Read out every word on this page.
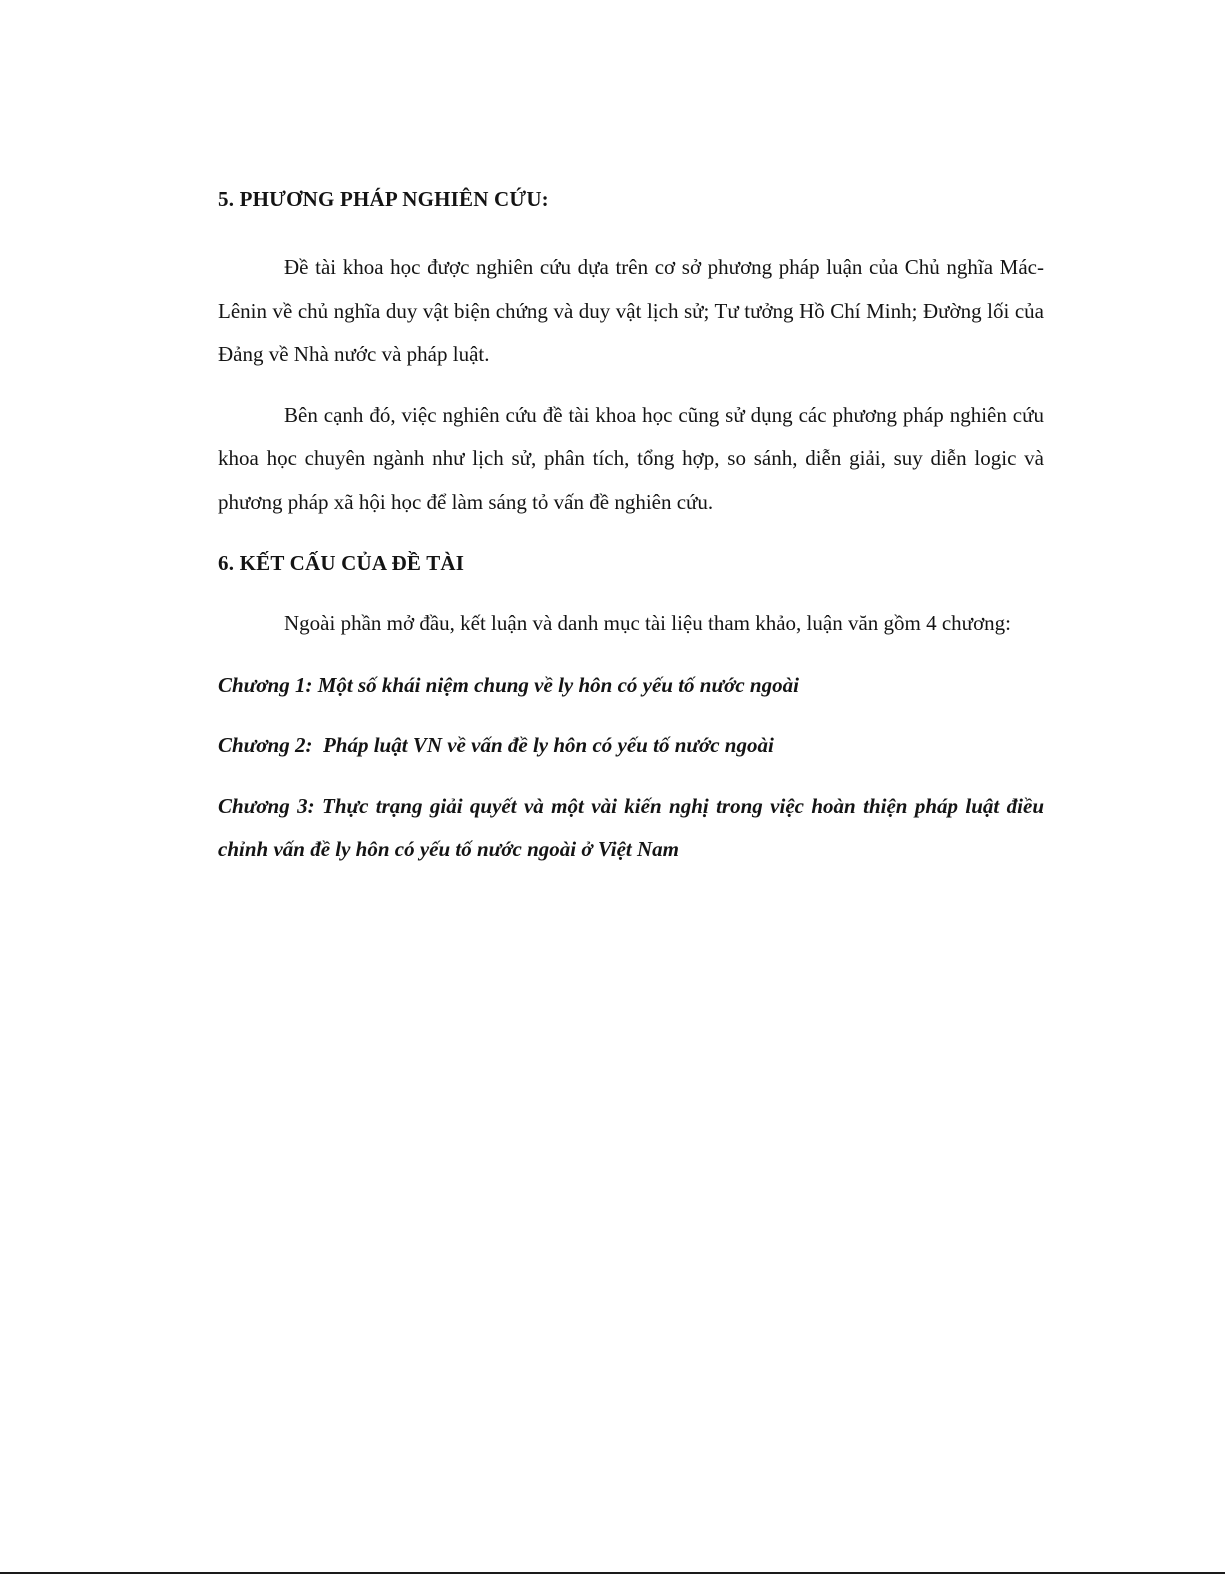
5. PHƯƠNG PHÁP NGHIÊN CỨU:

Đề tài khoa học được nghiên cứu dựa trên cơ sở phương pháp luận của Chủ nghĩa Mác-Lênin về chủ nghĩa duy vật biện chứng và duy vật lịch sử; Tư tưởng Hồ Chí Minh; Đường lối của Đảng về Nhà nước và pháp luật.

Bên cạnh đó, việc nghiên cứu đề tài khoa học cũng sử dụng các phương pháp nghiên cứu khoa học chuyên ngành như lịch sử, phân tích, tổng hợp, so sánh, diễn giải, suy diễn logic và phương pháp xã hội học để làm sáng tỏ vấn đề nghiên cứu.

6. KẾT CẤU CỦA ĐỀ TÀI

Ngoài phần mở đầu, kết luận và danh mục tài liệu tham khảo, luận văn gồm 4 chương:

Chương 1: Một số khái niệm chung về ly hôn có yếu tố nước ngoài

Chương 2:  Pháp luật VN về vấn đề ly hôn có yếu tố nước ngoài

Chương 3: Thực trạng giải quyết và một vài kiến nghị trong việc hoàn thiện pháp luật điều chỉnh vấn đề ly hôn có yếu tố nước ngoài ở Việt Nam
